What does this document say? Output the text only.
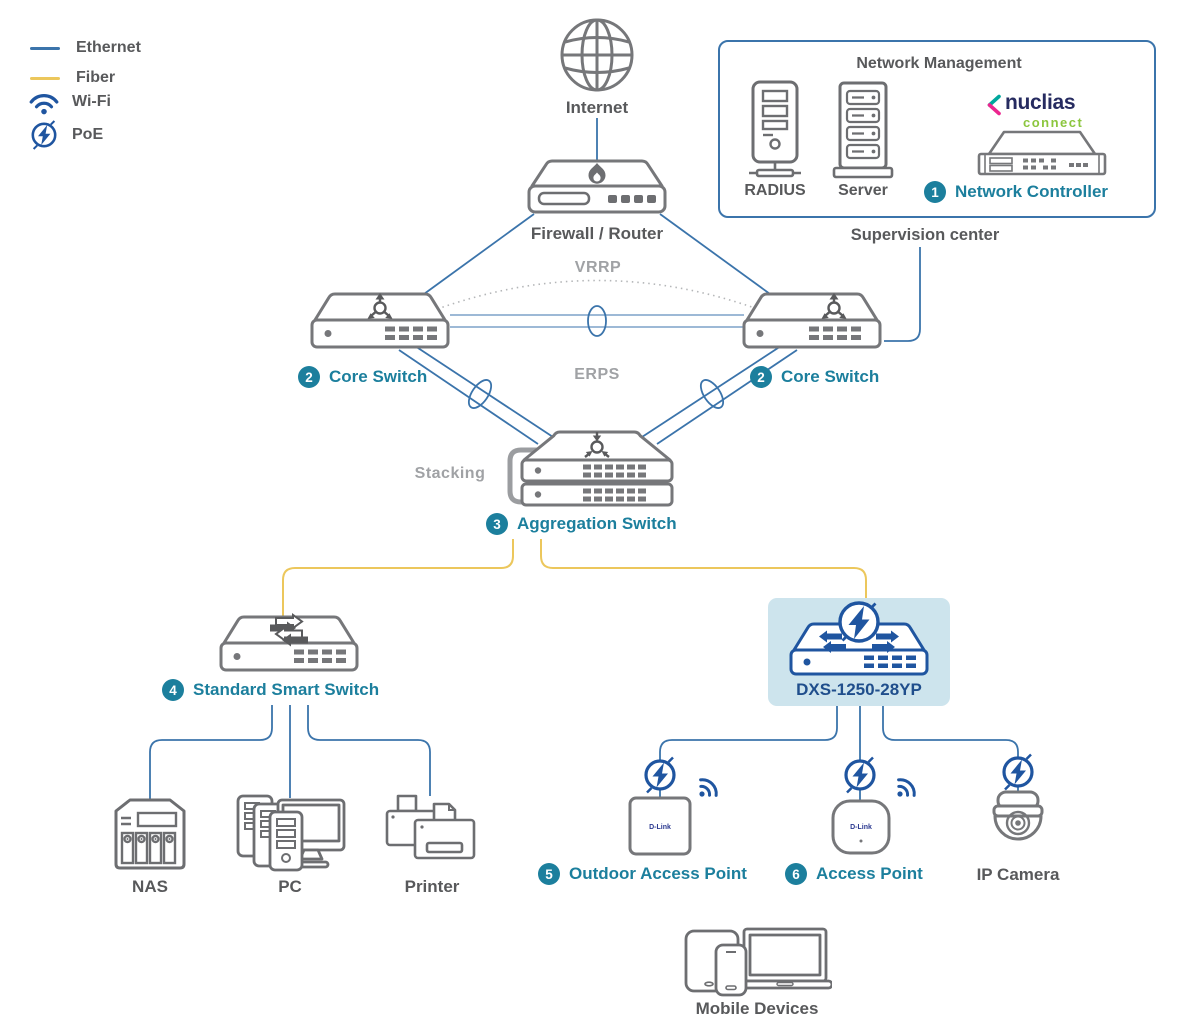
Ethernet
Fiber
Wi-Fi
PoE
Internet
Firewall / Router
Network Management
RADIUS Server
nuclias
connect
1 Network Controller
Supervision center
2 Core Switch	2 Core Switch
VRRP
ERPS
Stacking
3 Aggregation Switch
4 Standard Smart Switch	DXS-1250-28YP
NAS	PC	Printer
D-Link
5 Outdoor Access Point
D-Link
6 Access Point	IP Camera
Mobile Devices
